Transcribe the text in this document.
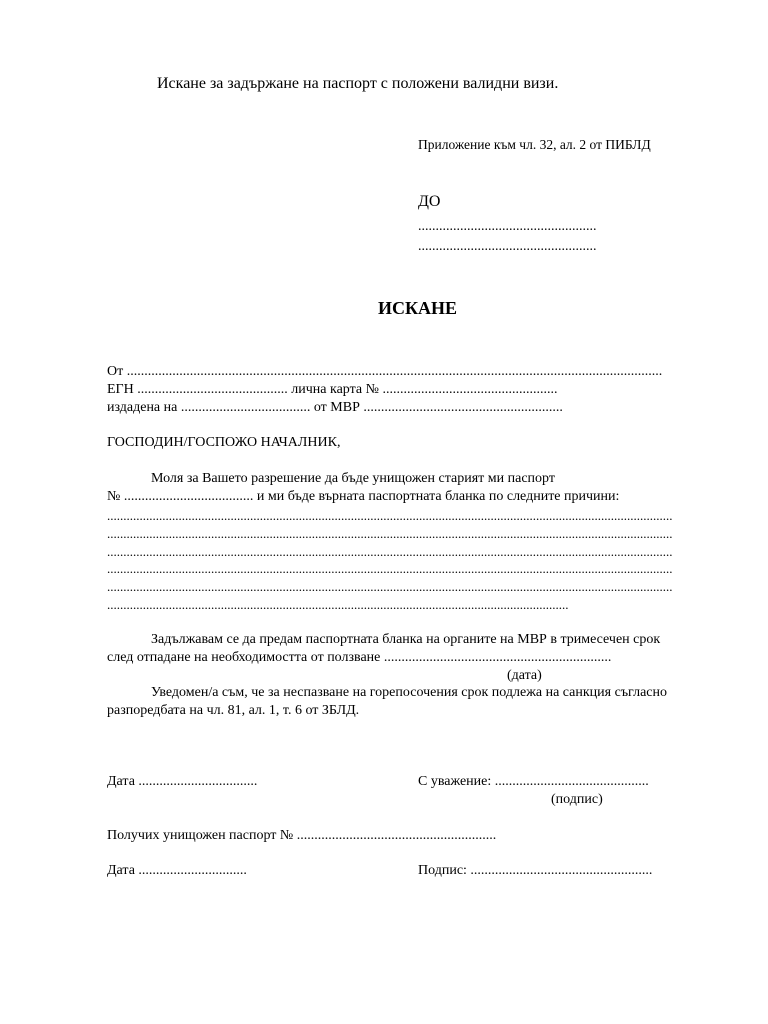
Искане за задържане на паспорт с положени валидни визи.
Приложение към чл. 32, ал. 2 от ПИБЛД
ДО
...................................................
...................................................
ИСКАНЕ
От .........................................................................................................................................................
ЕГН ........................................... лична карта № ..................................................
издадена на ..................................... от МВР .........................................................
ГОСПОДИН/ГОСПОЖО НАЧАЛНИК,
Моля за Вашето разрешение да бъде унищожен старият ми паспорт
№ ..................................... и ми бъде върната паспортната бланка по следните причини:
..............................................................................................................................................................................
..............................................................................................................................................................................
..............................................................................................................................................................................
..............................................................................................................................................................................
..............................................................................................................................................................................
..............................................................................................................................................
Задължавам се да предам паспортната бланка на органите на МВР в тримесечен срок
след отпадане на необходимостта от ползване .................................................................
(дата)
Уведомен/а съм, че за неспазване на горепосочения срок подлежа на санкция съгласно
разпоредбата на чл. 81, ал. 1, т. 6 от ЗБЛД.
Дата ..................................	С уважение: ............................................
(подпис)
Получих унищожен паспорт № .........................................................
Дата ...............................	Подпис: ....................................................
